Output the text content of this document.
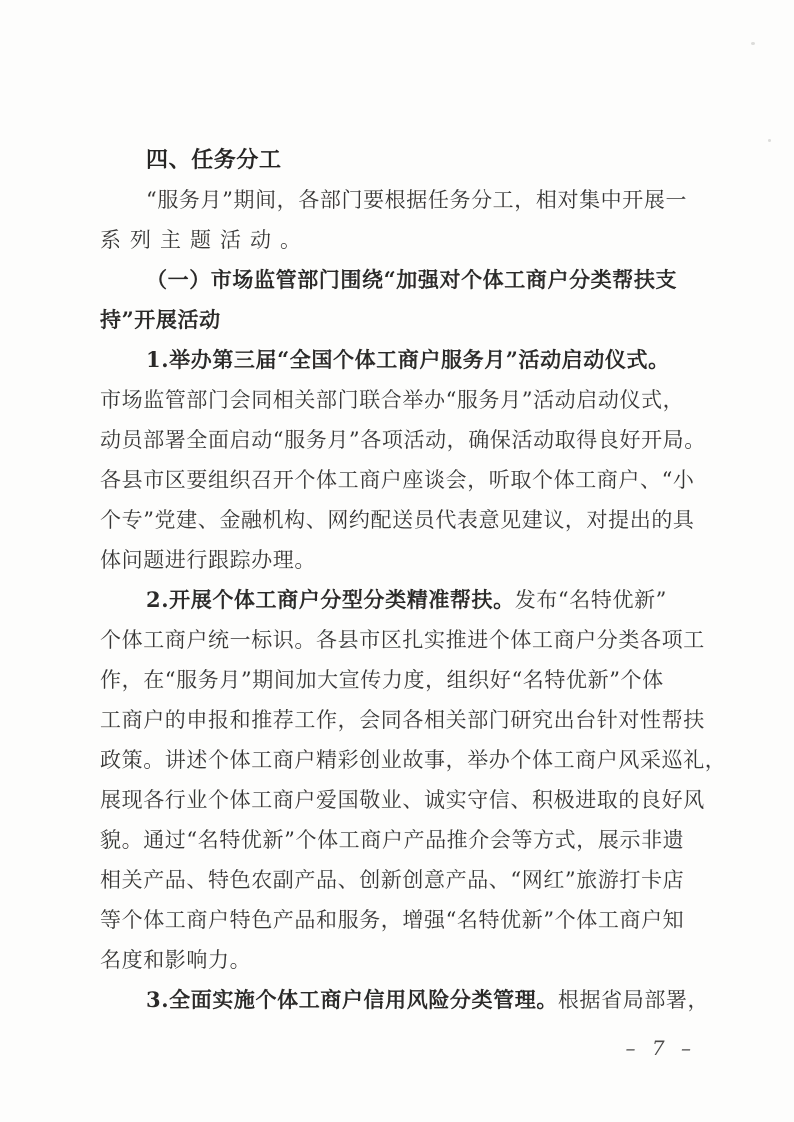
四、任务分工
“服务月”期间，各部门要根据任务分工，相对集中开展一
系列主题活动。
（一）市场监管部门围绕“加强对个体工商户分类帮扶支
持”开展活动
1.举办第三届“全国个体工商户服务月”活动启动仪式。
市场监管部门会同相关部门联合举办“服务月”活动启动仪式，
动员部署全面启动“服务月”各项活动，确保活动取得良好开局。
各县市区要组织召开个体工商户座谈会，听取个体工商户、“小
个专”党建、金融机构、网约配送员代表意见建议，对提出的具
体问题进行跟踪办理。
2.开展个体工商户分型分类精准帮扶。发布“名特优新”
个体工商户统一标识。各县市区扎实推进个体工商户分类各项工
作，在“服务月”期间加大宣传力度，组织好“名特优新”个体
工商户的申报和推荐工作，会同各相关部门研究出台针对性帮扶
政策。讲述个体工商户精彩创业故事，举办个体工商户风采巡礼，
展现各行业个体工商户爱国敬业、诚实守信、积极进取的良好风
貌。通过“名特优新”个体工商户产品推介会等方式，展示非遗
相关产品、特色农副产品、创新创意产品、“网红”旅游打卡店
等个体工商户特色产品和服务，增强“名特优新”个体工商户知
名度和影响力。
3.全面实施个体工商户信用风险分类管理。根据省局部署，
– 7 –
